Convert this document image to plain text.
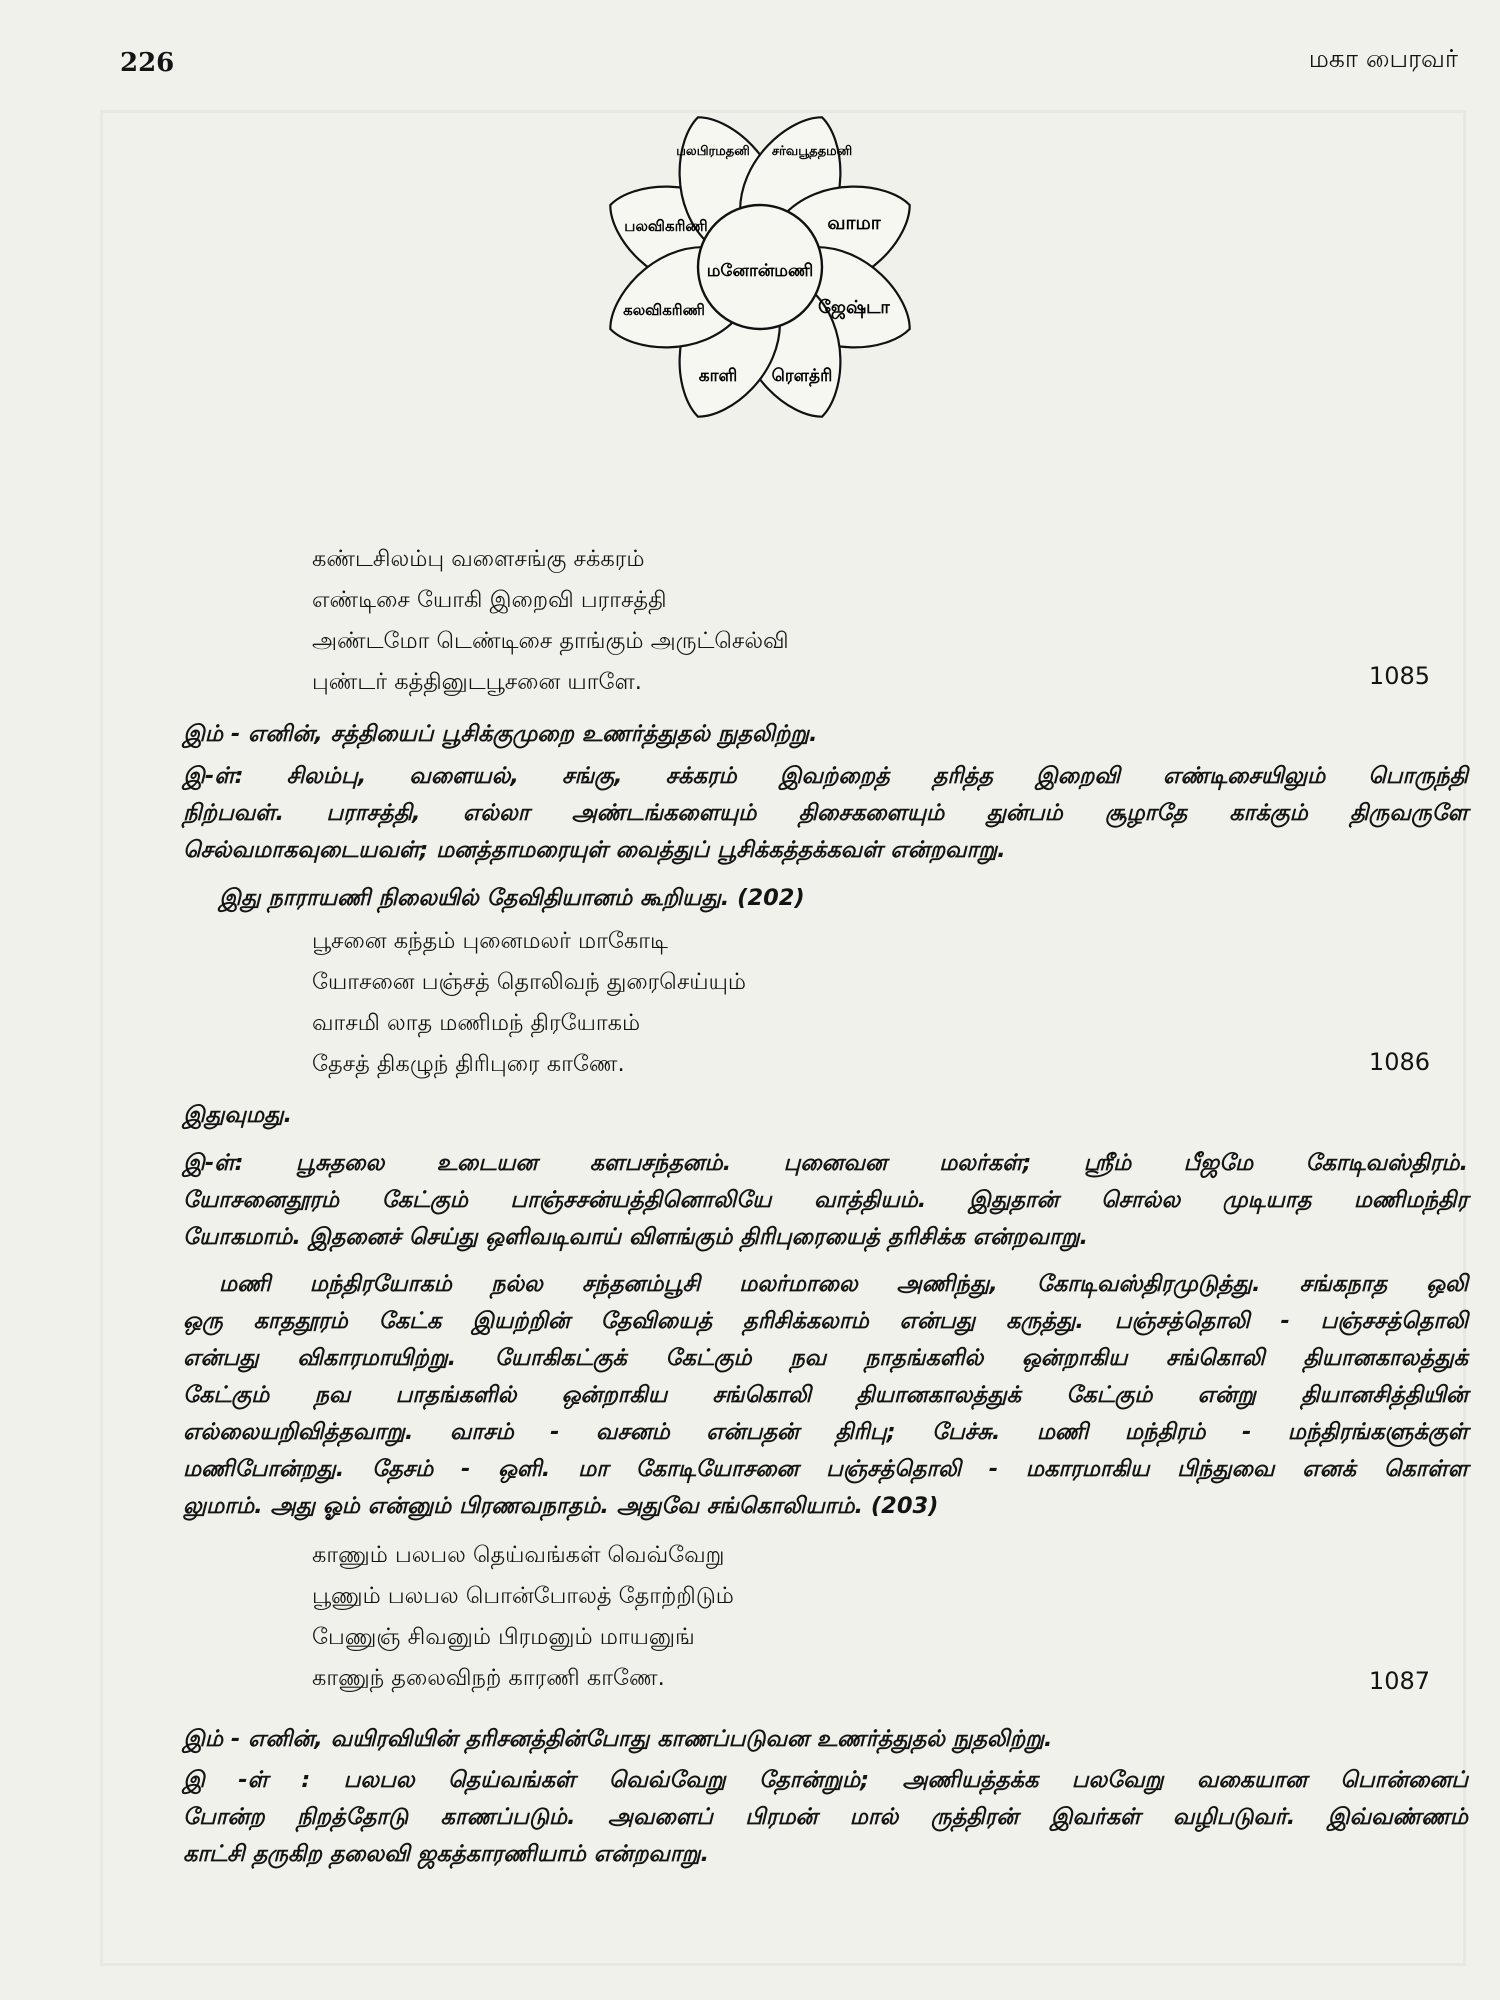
226	மகா பைரவர்
மனோன்மணி
பலபிரமதனி சர்வபூததமனி
வாமா
ஜேஷ்டா
ரௌத்ரி
காளி
கலவிகரிணி
பலவிகரிணி
கண்டசிலம்பு வளைசங்கு சக்கரம்
எண்டிசை யோகி இறைவி பராசத்தி
அண்டமோ டெண்டிசை தாங்கும் அருட்செல்வி
புண்டர் கத்தினுடபூசனை யாளே.	1085
இம் - எனின், சத்தியைப் பூசிக்குமுறை உணர்த்துதல் நுதலிற்று.
இ-ள்: சிலம்பு, வளையல், சங்கு, சக்கரம் இவற்றைத் தரித்த இறைவி எண்டிசையிலும் பொருந்தி
நிற்பவள். பராசத்தி, எல்லா அண்டங்களையும் திசைகளையும் துன்பம் சூழாதே காக்கும் திருவருளே
செல்வமாகவுடையவள்; மனத்தாமரையுள் வைத்துப் பூசிக்கத்தக்கவள் என்றவாறு.
இது நாராயணி நிலையில் தேவிதியானம் கூறியது. (202)
பூசனை கந்தம் புனைமலர் மாகோடி
யோசனை பஞ்சத் தொலிவந் துரைசெய்யும்
வாசமி லாத மணிமந் திரயோகம்
தேசத் திகழுந் திரிபுரை காணே.	1086
இதுவுமது.
இ-ள்: பூசுதலை உடையன களபசந்தனம். புனைவன மலர்கள்; ஸ்ரீம் பீஜமே கோடிவஸ்திரம்.
யோசனைதூரம் கேட்கும் பாஞ்சசன்யத்தினொலியே வாத்தியம். இதுதான் சொல்ல முடியாத மணிமந்திர
யோகமாம். இதனைச் செய்து ஒளிவடிவாய் விளங்கும் திரிபுரையைத் தரிசிக்க என்றவாறு.
மணி மந்திரயோகம் நல்ல சந்தனம்பூசி மலர்மாலை அணிந்து, கோடிவஸ்திரமுடுத்து. சங்கநாத ஒலி
ஒரு காததூரம் கேட்க இயற்றின் தேவியைத் தரிசிக்கலாம் என்பது கருத்து. பஞ்சத்தொலி - பஞ்சசத்தொலி
என்பது விகாரமாயிற்று. யோகிகட்குக் கேட்கும் நவ நாதங்களில் ஒன்றாகிய சங்கொலி தியானகாலத்துக்
கேட்கும் நவ பாதங்களில் ஒன்றாகிய சங்கொலி தியானகாலத்துக் கேட்கும் என்று தியானசித்தியின்
எல்லையறிவித்தவாறு. வாசம் - வசனம் என்பதன் திரிபு; பேச்சு. மணி மந்திரம் - மந்திரங்களுக்குள்
மணிபோன்றது. தேசம் - ஒளி. மா கோடியோசனை பஞ்சத்தொலி - மகாரமாகிய பிந்துவை எனக் கொள்ள
லுமாம். அது ஓம் என்னும் பிரணவநாதம். அதுவே சங்கொலியாம். (203)
காணும் பலபல தெய்வங்கள் வெவ்வேறு
பூணும் பலபல பொன்போலத் தோற்றிடும்
பேணுஞ் சிவனும் பிரமனும் மாயனுங்
காணுந் தலைவிநற் காரணி காணே.	1087
இம் - எனின், வயிரவியின் தரிசனத்தின்போது காணப்படுவன உணர்த்துதல் நுதலிற்று.
இ -ள் : பலபல தெய்வங்கள் வெவ்வேறு தோன்றும்; அணியத்தக்க பலவேறு வகையான பொன்னைப்
போன்ற நிறத்தோடு காணப்படும். அவளைப் பிரமன் மால் ருத்திரன் இவர்கள் வழிபடுவர். இவ்வண்ணம்
காட்சி தருகிற தலைவி ஜகத்காரணியாம் என்றவாறு.
